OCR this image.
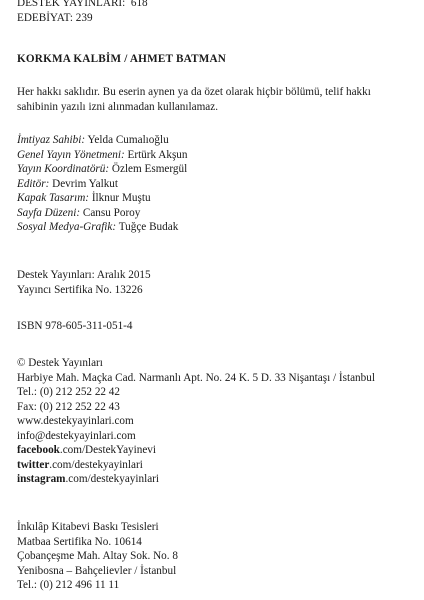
DESTEK YAYINLARI: 618
EDEBİYAT: 239
KORKMA KALBİM / AHMET BATMAN
Her hakkı saklıdır. Bu eserin aynen ya da özet olarak hiçbir bölümü, telif hakkı
sahibinin yazılı izni alınmadan kullanılamaz.
İmtiyaz Sahibi: Yelda Cumalıoğlu
Genel Yayın Yönetmeni: Ertürk Akşun
Yayın Koordinatörü: Özlem Esmergül
Editör: Devrim Yalkut
Kapak Tasarım: İlknur Muştu
Sayfa Düzeni: Cansu Poroy
Sosyal Medya-Grafik: Tuğçe Budak
Destek Yayınları: Aralık 2015
Yayıncı Sertifika No. 13226
ISBN 978-605-311-051-4
© Destek Yayınları
Harbiye Mah. Maçka Cad. Narmanlı Apt. No. 24 K. 5 D. 33 Nişantaşı / İstanbul
Tel.: (0) 212 252 22 42
Fax: (0) 212 252 22 43
www.destekyayinlari.com
info@destekyayinlari.com
facebook.com/DestekYayinevi
twitter.com/destekyayinlari
instagram.com/destekyayinlari
İnkılâp Kitabevi Baskı Tesisleri
Matbaa Sertifika No. 10614
Çobançeşme Mah. Altay Sok. No. 8
Yenibosna – Bahçelievler / İstanbul
Tel.: (0) 212 496 11 11
